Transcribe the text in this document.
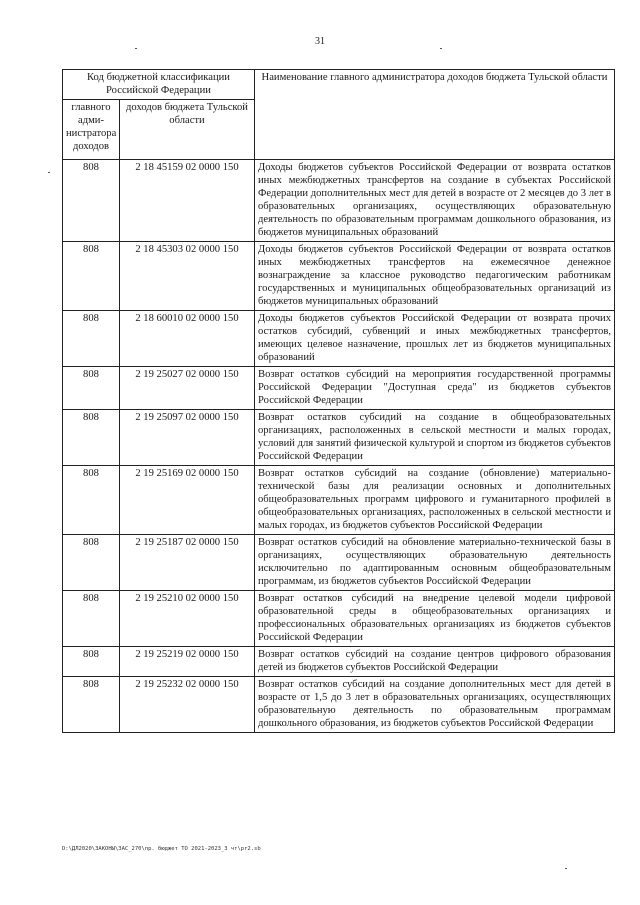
31
Код бюджетной классификации Российской Федерации		Наименование главного администратора доходов бюджета Тульской области
главного адми-нистратора доходов	доходов бюджета Тульской области	
808	2 18 45159 02 0000 150	Доходы бюджетов субъектов Российской Федерации от возврата остатков иных межбюджетных трансфертов на создание в субъектах Российской Федерации дополнительных мест для детей в возрасте от 2 месяцев до 3 лет в образовательных организациях, осуществляющих образовательную деятельность по образовательным программам дошкольного образования, из бюджетов муниципальных образований
808	2 18 45303 02 0000 150	Доходы бюджетов субъектов Российской Федерации от возврата остатков иных межбюджетных трансфертов на ежемесячное денежное вознаграждение за классное руководство педагогическим работникам государственных и муниципальных общеобразовательных организаций из бюджетов муниципальных образований
808	2 18 60010 02 0000 150	Доходы бюджетов субъектов Российской Федерации от возврата прочих остатков субсидий, субвенций и иных межбюджетных трансфертов, имеющих целевое назначение, прошлых лет из бюджетов муниципальных образований
808	2 19 25027 02 0000 150	Возврат остатков субсидий на мероприятия государственной программы Российской Федерации "Доступная среда" из бюджетов субъектов Российской Федерации
808	2 19 25097 02 0000 150	Возврат остатков субсидий на создание в общеобразовательных организациях, расположенных в сельской местности и малых городах, условий для занятий физической культурой и спортом из бюджетов субъектов Российской Федерации
808	2 19 25169 02 0000 150	Возврат остатков субсидий на создание (обновление) материально-технической базы для реализации основных и дополнительных общеобразовательных программ цифрового и гуманитарного профилей в общеобразовательных организациях, расположенных в сельской местности и малых городах, из бюджетов субъектов Российской Федерации
808	2 19 25187 02 0000 150	Возврат остатков субсидий на обновление материально-технической базы в организациях, осуществляющих образовательную деятельность исключительно по адаптированным основным общеобразовательным программам, из бюджетов субъектов Российской Федерации
808	2 19 25210 02 0000 150	Возврат остатков субсидий на внедрение целевой модели цифровой образовательной среды в общеобразовательных организациях и профессиональных образовательных организациях из бюджетов субъектов Российской Федерации
808	2 19 25219 02 0000 150	Возврат остатков субсидий на создание центров цифрового образования детей из бюджетов субъектов Российской Федерации
808	2 19 25232 02 0000 150	Возврат остатков субсидий на создание дополнительных мест для детей в возрасте от 1,5 до 3 лет в образовательных организациях, осуществляющих образовательную деятельность по образовательным программам дошкольного образования, из бюджетов субъектов Российской Федерации
D:\ДЛ2020\ЗАКОНЫ\ЗАС_270\пр. бюджет ТО 2021-2023_3 чт\pr2.sb
